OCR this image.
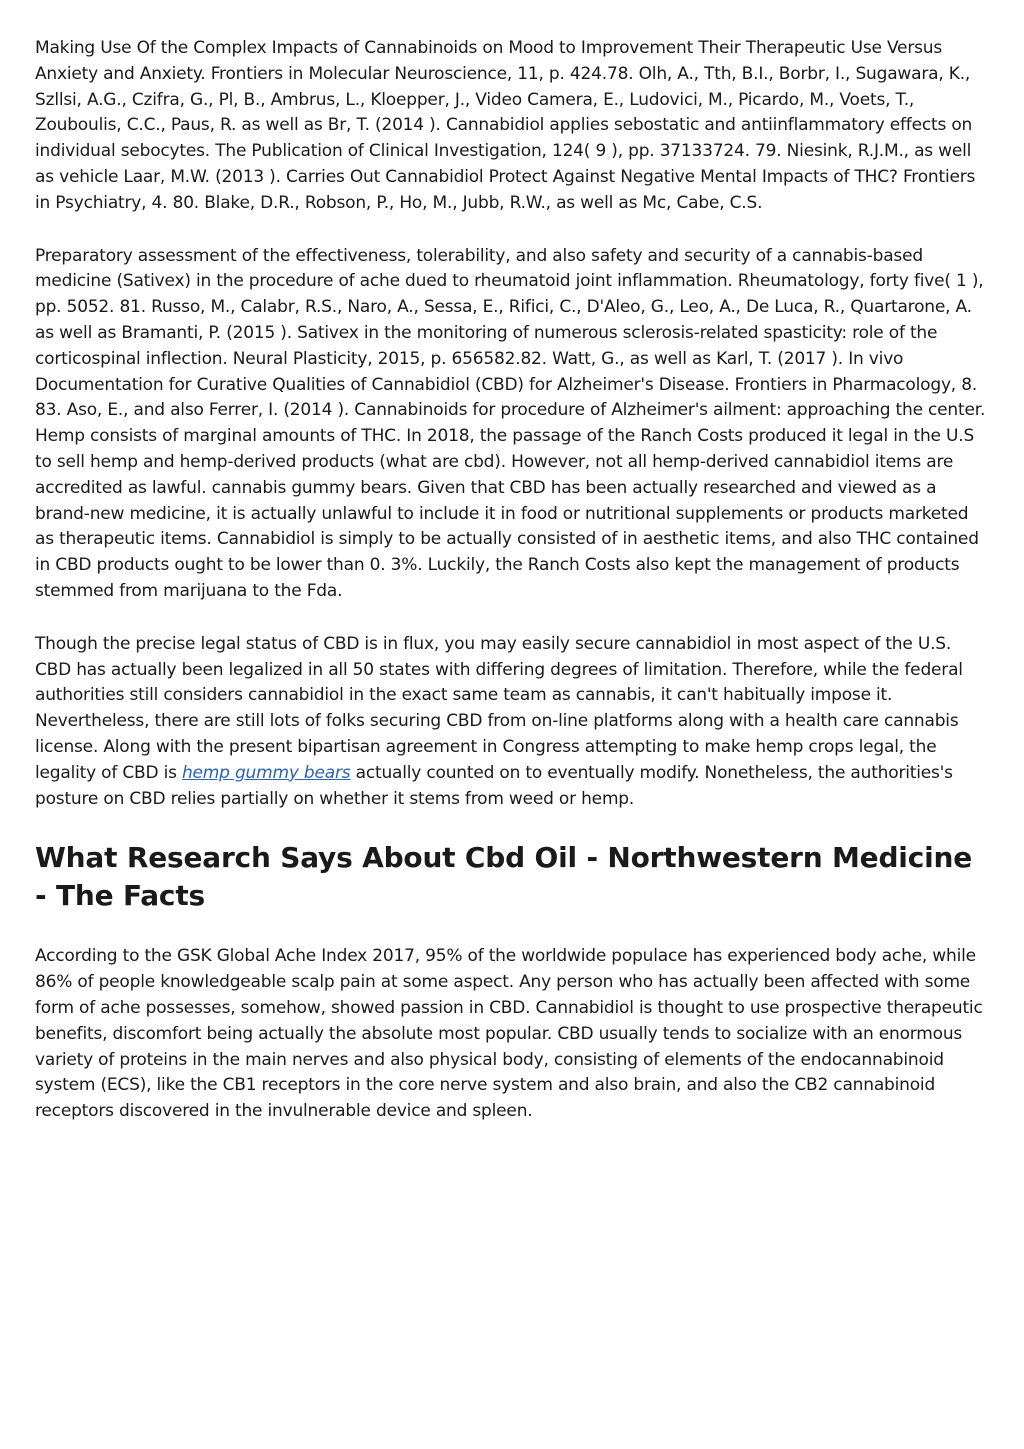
Making Use Of the Complex Impacts of Cannabinoids on Mood to Improvement Their Therapeutic Use Versus Anxiety and Anxiety. Frontiers in Molecular Neuroscience, 11, p. 424.78. Olh, A., Tth, B.I., Borbr, I., Sugawara, K., Szllsi, A.G., Czifra, G., Pl, B., Ambrus, L., Kloepper, J., Video Camera, E., Ludovici, M., Picardo, M., Voets, T., Zouboulis, C.C., Paus, R. as well as Br, T. (2014 ). Cannabidiol applies sebostatic and antiinflammatory effects on individual sebocytes. The Publication of Clinical Investigation, 124( 9 ), pp. 37133724. 79. Niesink, R.J.M., as well as vehicle Laar, M.W. (2013 ). Carries Out Cannabidiol Protect Against Negative Mental Impacts of THC? Frontiers in Psychiatry, 4. 80. Blake, D.R., Robson, P., Ho, M., Jubb, R.W., as well as Mc, Cabe, C.S.

Preparatory assessment of the effectiveness, tolerability, and also safety and security of a cannabis-based medicine (Sativex) in the procedure of ache dued to rheumatoid joint inflammation. Rheumatology, forty five( 1 ), pp. 5052. 81. Russo, M., Calabr, R.S., Naro, A., Sessa, E., Rifici, C., D'Aleo, G., Leo, A., De Luca, R., Quartarone, A. as well as Bramanti, P. (2015 ). Sativex in the monitoring of numerous sclerosis-related spasticity: role of the corticospinal inflection. Neural Plasticity, 2015, p. 656582.82. Watt, G., as well as Karl, T. (2017 ). In vivo Documentation for Curative Qualities of Cannabidiol (CBD) for Alzheimer's Disease. Frontiers in Pharmacology, 8. 83. Aso, E., and also Ferrer, I. (2014 ). Cannabinoids for procedure of Alzheimer's ailment: approaching the center. Hemp consists of marginal amounts of THC. In 2018, the passage of the Ranch Costs produced it legal in the U.S to sell hemp and hemp-derived products (what are cbd). However, not all hemp-derived cannabidiol items are accredited as lawful. cannabis gummy bears. Given that CBD has been actually researched and viewed as a brand-new medicine, it is actually unlawful to include it in food or nutritional supplements or products marketed as therapeutic items. Cannabidiol is simply to be actually consisted of in aesthetic items, and also THC contained in CBD products ought to be lower than 0. 3%. Luckily, the Ranch Costs also kept the management of products stemmed from marijuana to the Fda.

Though the precise legal status of CBD is in flux, you may easily secure cannabidiol in most aspect of the U.S. CBD has actually been legalized in all 50 states with differing degrees of limitation. Therefore, while the federal authorities still considers cannabidiol in the exact same team as cannabis, it can't habitually impose it. Nevertheless, there are still lots of folks securing CBD from on-line platforms along with a health care cannabis license. Along with the present bipartisan agreement in Congress attempting to make hemp crops legal, the legality of CBD is hemp gummy bears actually counted on to eventually modify. Nonetheless, the authorities's posture on CBD relies partially on whether it stems from weed or hemp.

What Research Says About Cbd Oil - Northwestern Medicine - The Facts

According to the GSK Global Ache Index 2017, 95% of the worldwide populace has experienced body ache, while 86% of people knowledgeable scalp pain at some aspect. Any person who has actually been affected with some form of ache possesses, somehow, showed passion in CBD. Cannabidiol is thought to use prospective therapeutic benefits, discomfort being actually the absolute most popular. CBD usually tends to socialize with an enormous variety of proteins in the main nerves and also physical body, consisting of elements of the endocannabinoid system (ECS), like the CB1 receptors in the core nerve system and also brain, and also the CB2 cannabinoid receptors discovered in the invulnerable device and spleen.
